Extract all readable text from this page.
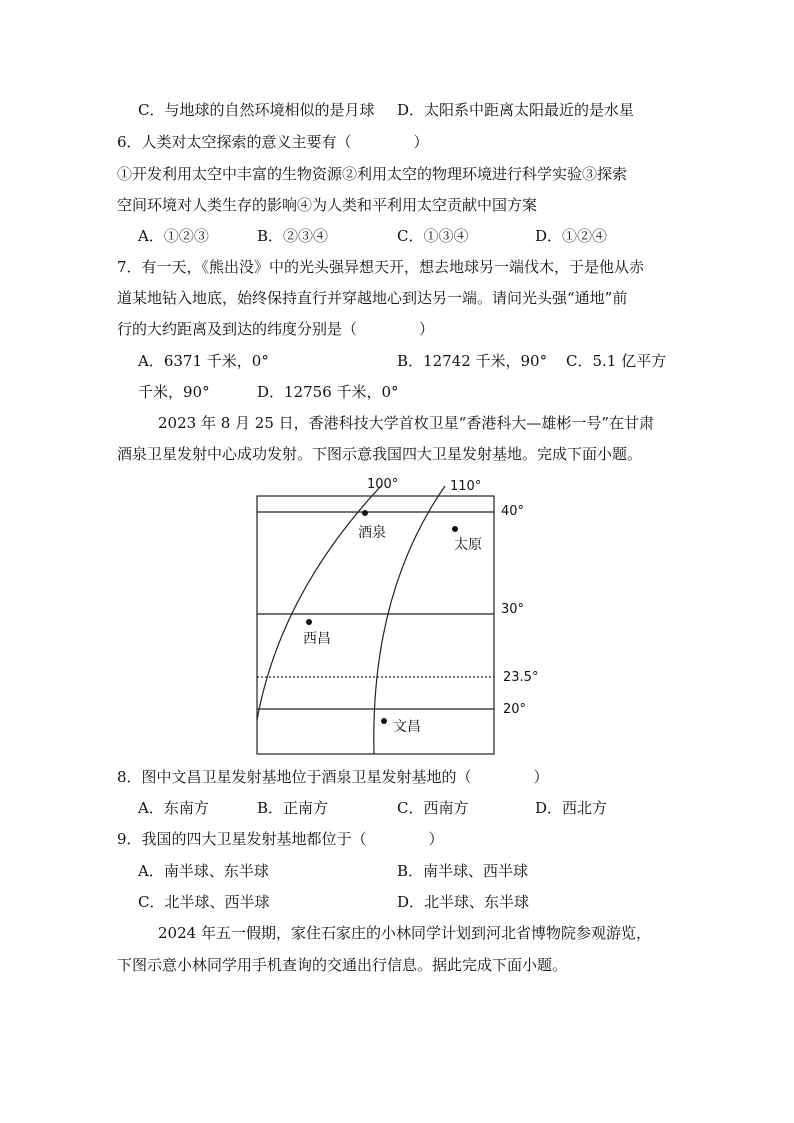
C．与地球的自然环境相似的是月球 D．太阳系中距离太阳最近的是水星
6．人类对太空探索的意义主要有（	）
①开发利用太空中丰富的生物资源②利用太空的物理环境进行科学实验③探索
空间环境对人类生存的影响④为人类和平利用太空贡献中国方案
A．①②③	B．②③④	C．①③④	D．①②④
7．有一天，《熊出没》中的光头强异想天开，想去地球另一端伐木，于是他从赤
道某地钻入地底，始终保持直行并穿越地心到达另一端。请问光头强“通地”前
行的大约距离及到达的纬度分别是（	）
A．6371 千米，0°	B．12742 千米，90° C．5.1 亿平方
千米，90°	D．12756 千米，0°
2023 年 8 月 25 日，香港科技大学首枚卫星“香港科大—雄彬一号”在甘肃
酒泉卫星发射中心成功发射。下图示意我国四大卫星发射基地。完成下面小题。
100°	110°
40°
30°
23.5°
20°
酒泉
太原
西昌
文昌
8．图中文昌卫星发射基地位于酒泉卫星发射基地的（	）
A．东南方	B．正南方	C．西南方	D．西北方
9．我国的四大卫星发射基地都位于（	）
A．南半球、东半球	B．南半球、西半球
C．北半球、西半球	D．北半球、东半球
2024 年五一假期，家住石家庄的小林同学计划到河北省博物院参观游览，
下图示意小林同学用手机查询的交通出行信息。据此完成下面小题。
